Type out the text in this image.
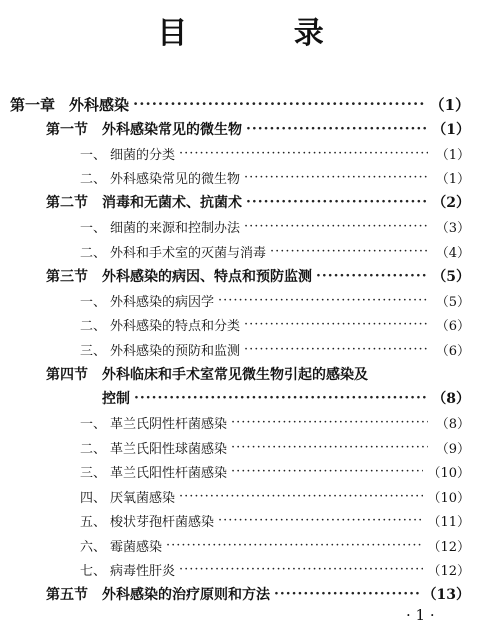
目 录
第一章 外科感染 ·····	（1）
第一节 外科感染常见的微生物 ·····	（1）
一、 细菌的分类 ·····	（1）
二、 外科感染常见的微生物 ·····	（1）
第二节 消毒和无菌术、抗菌术 ·····	（2）
一、 细菌的来源和控制办法 ·····	（3）
二、 外科和手术室的灭菌与消毒 ·····	（4）
第三节 外科感染的病因、特点和预防监测 ·····	（5）
一、 外科感染的病因学 ·····	（5）
二、 外科感染的特点和分类 ·····	（6）
三、 外科感染的预防和监测 ·····	（6）
第四节 外科临床和手术室常见微生物引起的感染及
控制 ·····	（8）
一、 革兰氏阴性杆菌感染 ·····	（8）
二、 革兰氏阳性球菌感染 ·····	（9）
三、 革兰氏阳性杆菌感染 ·····	（10）
四、 厌氧菌感染 ·····	（10）
五、 梭状芽孢杆菌感染 ·····	（11）
六、 霉菌感染 ·····	（12）
七、 病毒性肝炎 ·····	（12）
第五节 外科感染的治疗原则和方法 ·····	（13）
· 1 ·
